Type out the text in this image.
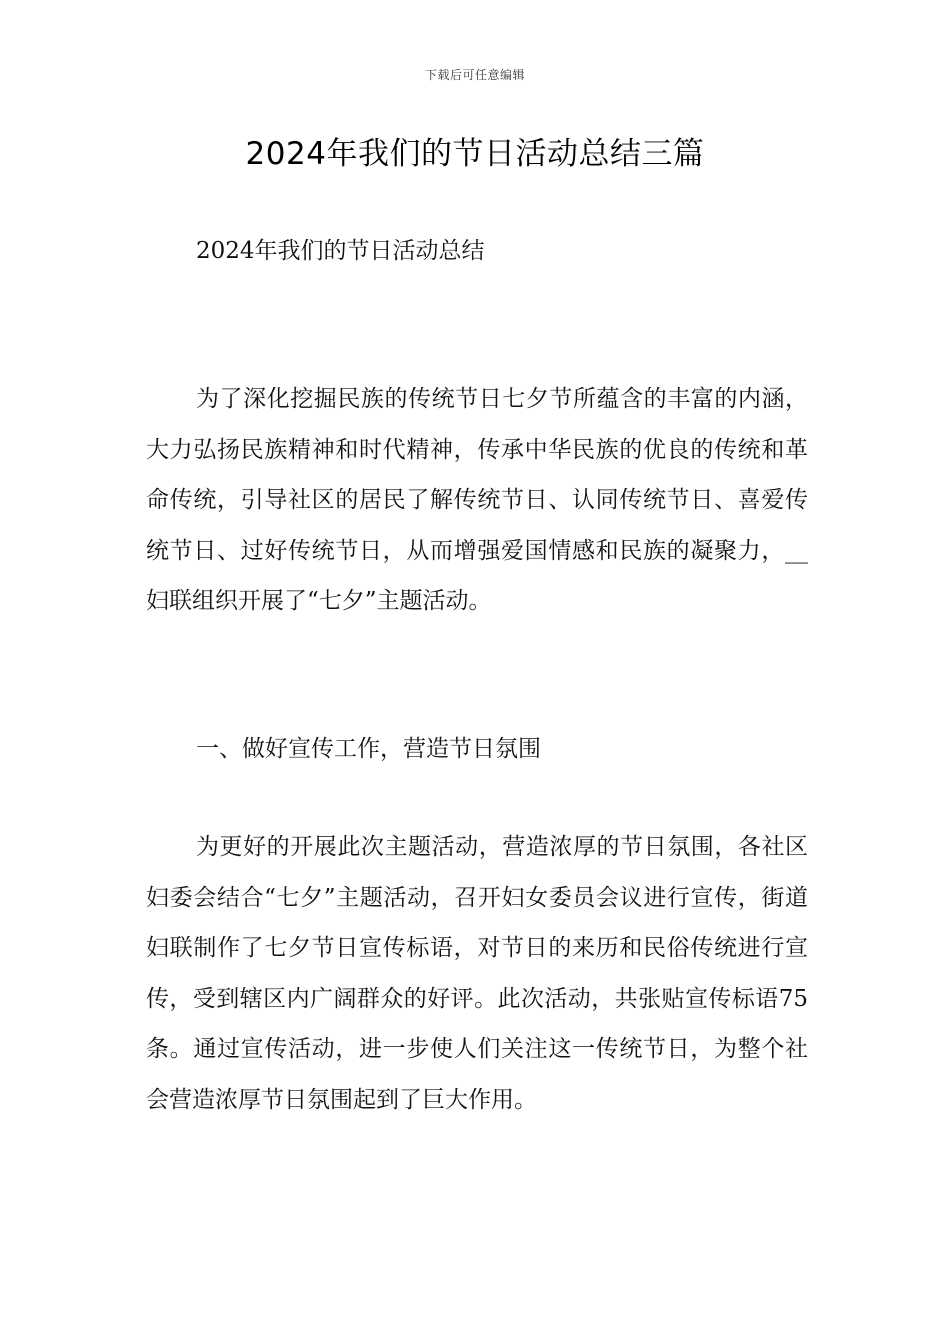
下载后可任意编辑
2024年我们的节日活动总结三篇
2024年我们的节日活动总结

为了深化挖掘民族的传统节日七夕节所蕴含的丰富的内涵，大力弘扬民族精神和时代精神，传承中华民族的优良的传统和革命传统，引导社区的居民了解传统节日、认同传统节日、喜爱传统节日、过好传统节日，从而增强爱国情感和民族的凝聚力，__妇联组织开展了“七夕”主题活动。

一、做好宣传工作，营造节日氛围

为更好的开展此次主题活动，营造浓厚的节日氛围，各社区妇委会结合“七夕”主题活动，召开妇女委员会议进行宣传，街道妇联制作了七夕节日宣传标语，对节日的来历和民俗传统进行宣传，受到辖区内广阔群众的好评。此次活动，共张贴宣传标语75条。通过宣传活动，进一步使人们关注这一传统节日，为整个社会营造浓厚节日氛围起到了巨大作用。
